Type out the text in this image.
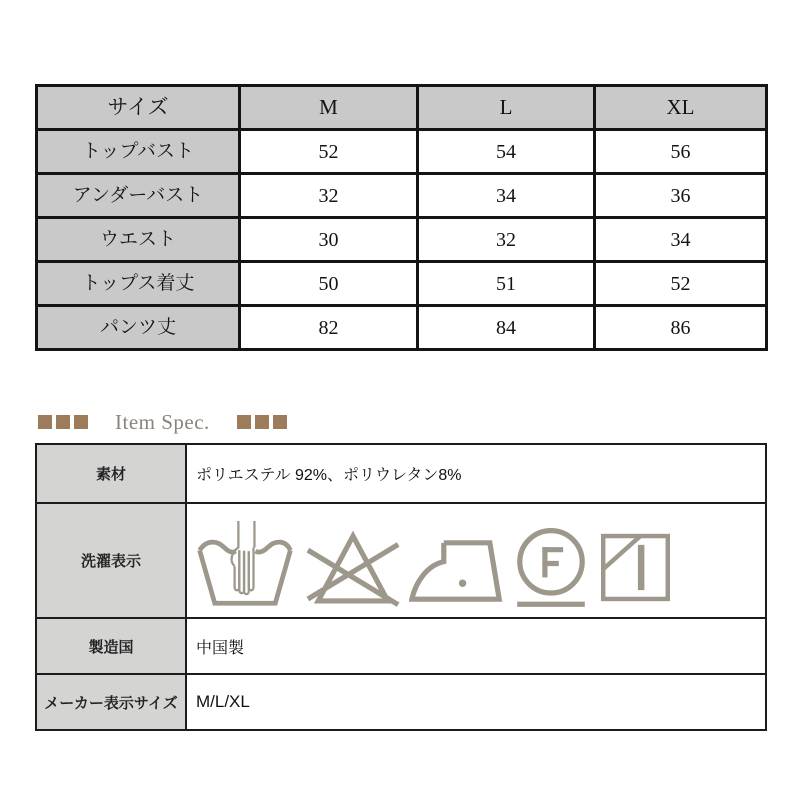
サイズ	M	L	XL
トップバスト	52	54	56
アンダーバスト	32	34	36
ウエスト	30	32	34
トップス着丈	50	51	52
パンツ丈	82	84	86
Item Spec.
素材	ポリエステル 92%、ポリウレタン8%
洗濯表示
製造国	中国製
メーカー表示サイズ	M/L/XL
